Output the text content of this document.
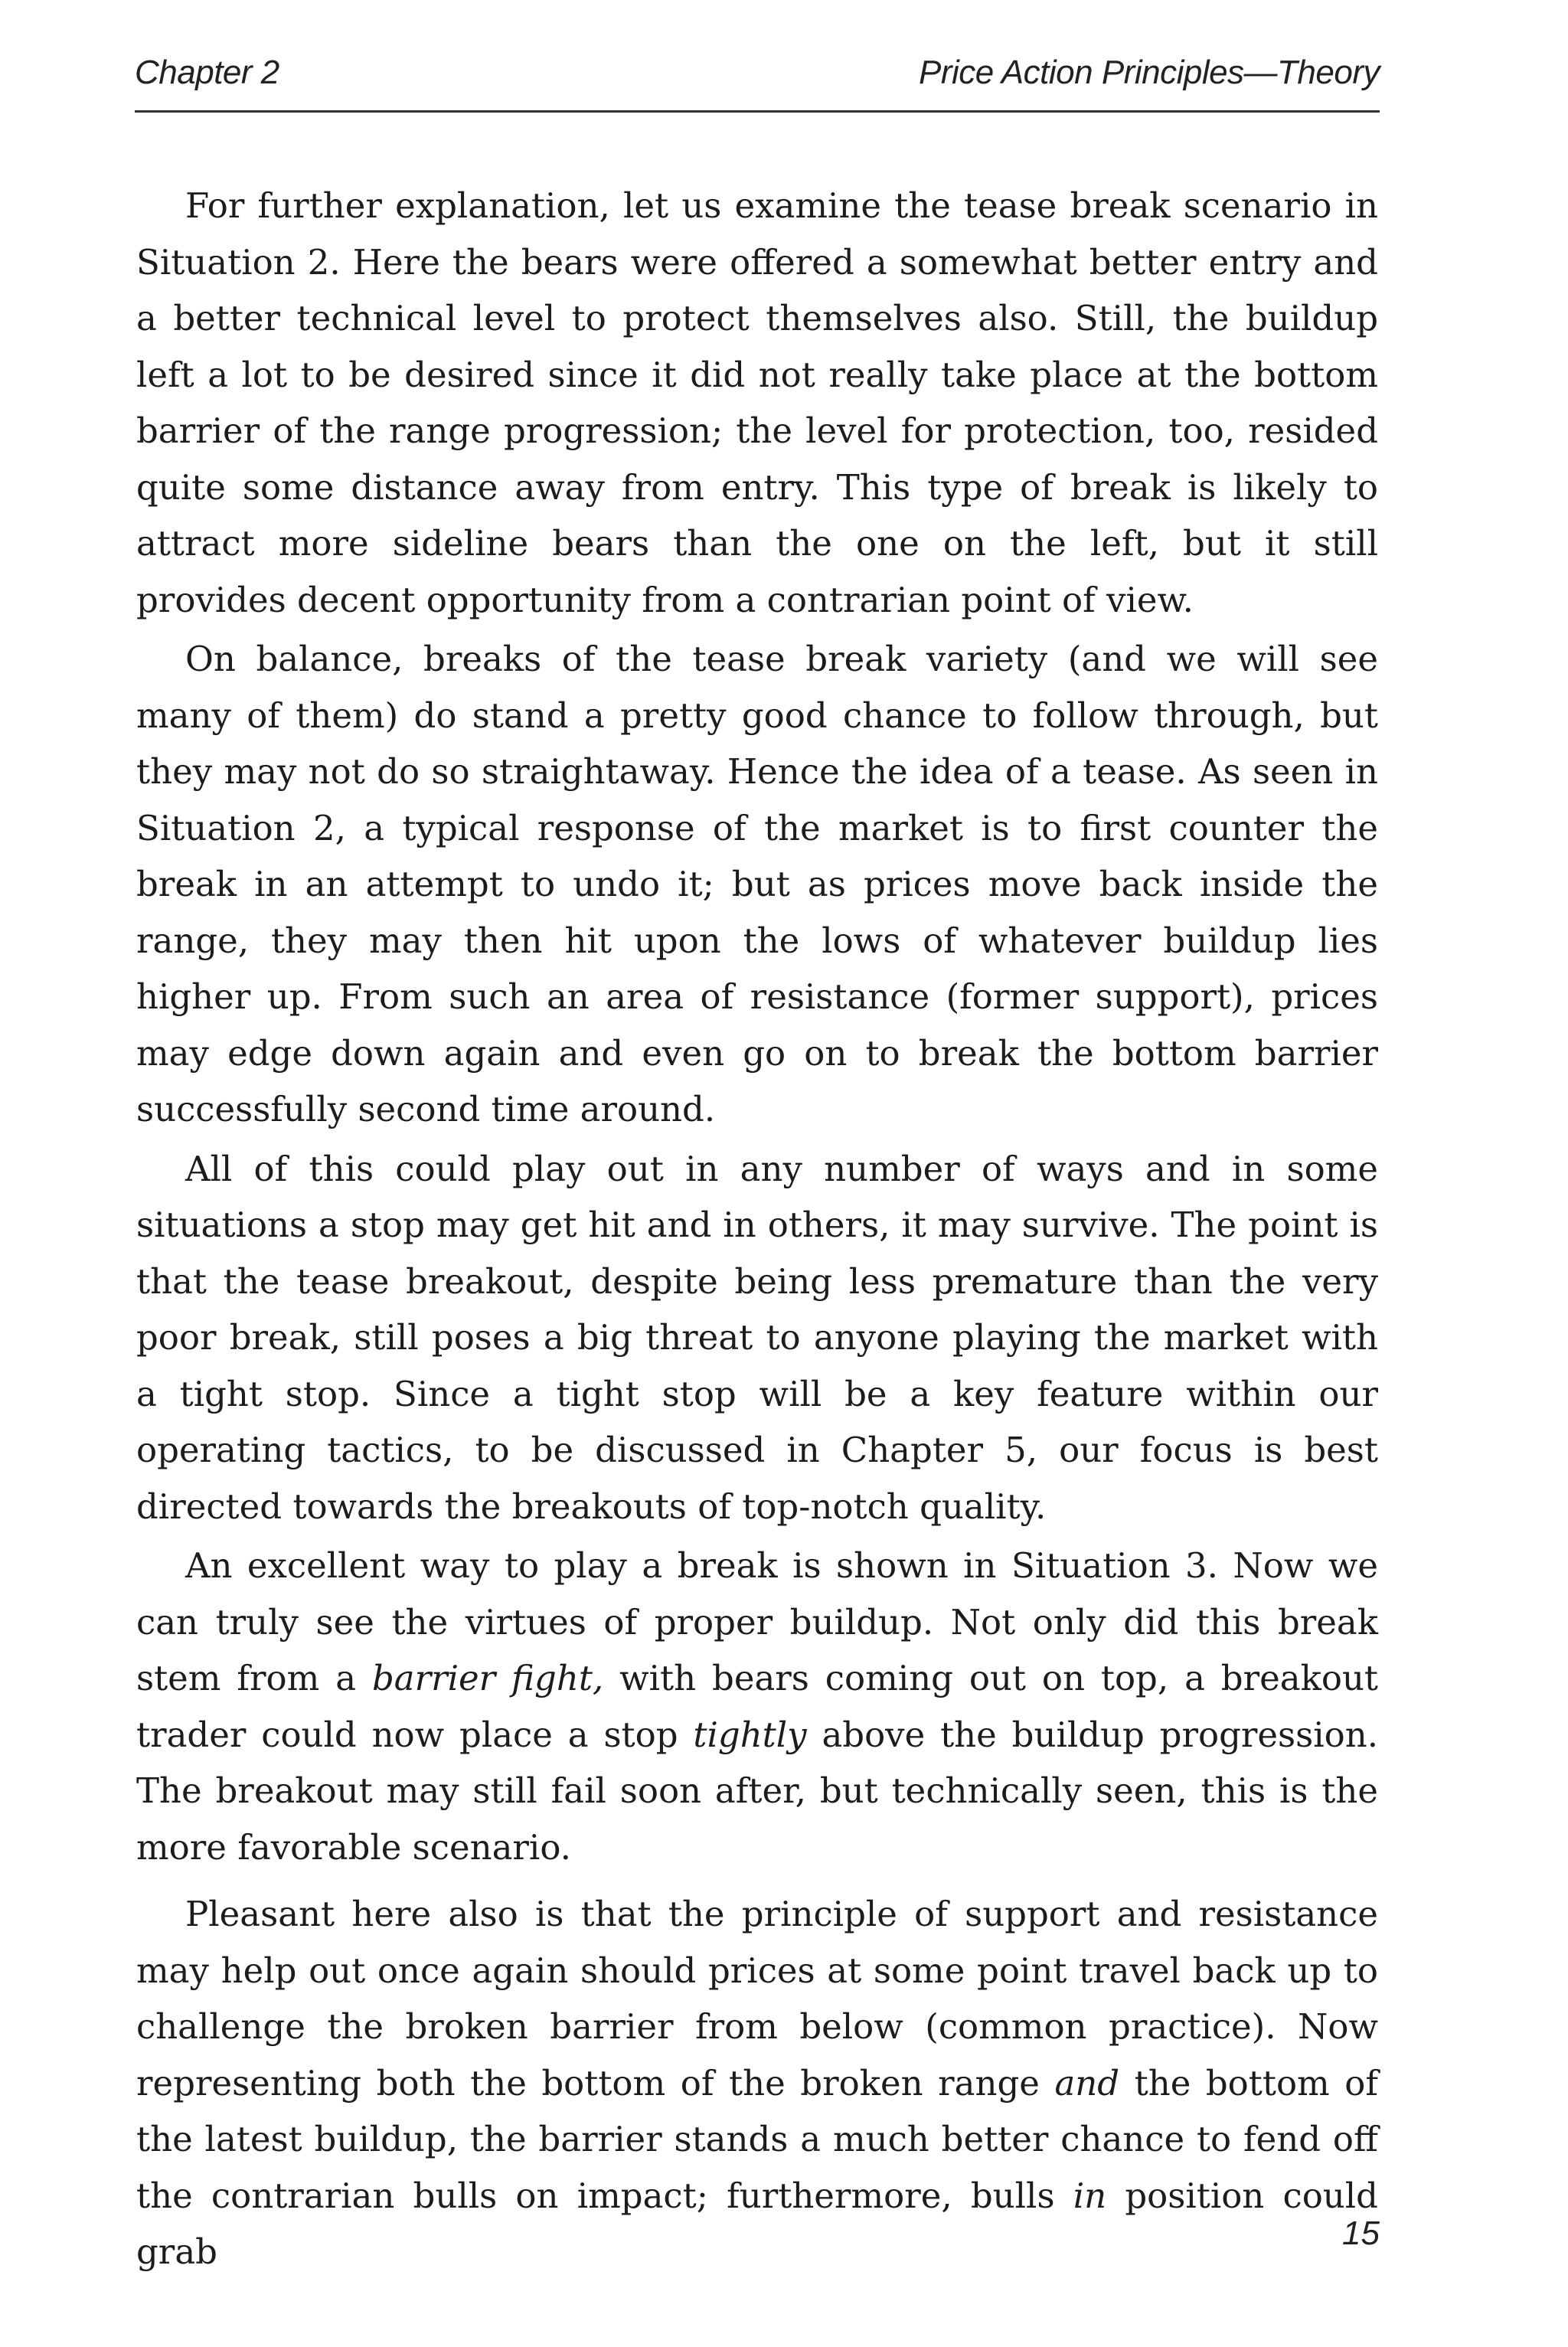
Chapter 2	Price Action Principles—Theory

For further explanation, let us examine the tease break scenario in Situation 2. Here the bears were offered a somewhat better entry and a better technical level to protect themselves also. Still, the buildup left a lot to be desired since it did not really take place at the bottom barrier of the range progression; the level for protection, too, resided quite some distance away from entry. This type of break is likely to attract more sideline bears than the one on the left, but it still provides decent opportunity from a contrarian point of view.

On balance, breaks of the tease break variety (and we will see many of them) do stand a pretty good chance to follow through, but they may not do so straightaway. Hence the idea of a tease. As seen in Situation 2, a typical response of the market is to first counter the break in an attempt to undo it; but as prices move back inside the range, they may then hit upon the lows of whatever buildup lies higher up. From such an area of resistance (former support), prices may edge down again and even go on to break the bottom barrier successfully second time around.

All of this could play out in any number of ways and in some situations a stop may get hit and in others, it may survive. The point is that the tease breakout, despite being less premature than the very poor break, still poses a big threat to anyone playing the market with a tight stop. Since a tight stop will be a key feature within our operating tactics, to be discussed in Chapter 5, our focus is best directed towards the breakouts of top-notch quality.

An excellent way to play a break is shown in Situation 3. Now we can truly see the virtues of proper buildup. Not only did this break stem from a barrier fight, with bears coming out on top, a breakout trader could now place a stop tightly above the buildup progression. The breakout may still fail soon after, but technically seen, this is the more favorable scenario.

Pleasant here also is that the principle of support and resistance may help out once again should prices at some point travel back up to challenge the broken barrier from below (common practice). Now representing both the bottom of the broken range and the bottom of the latest buildup, the barrier stands a much better chance to fend off the contrarian bulls on impact; furthermore, bulls in position could grab	15
